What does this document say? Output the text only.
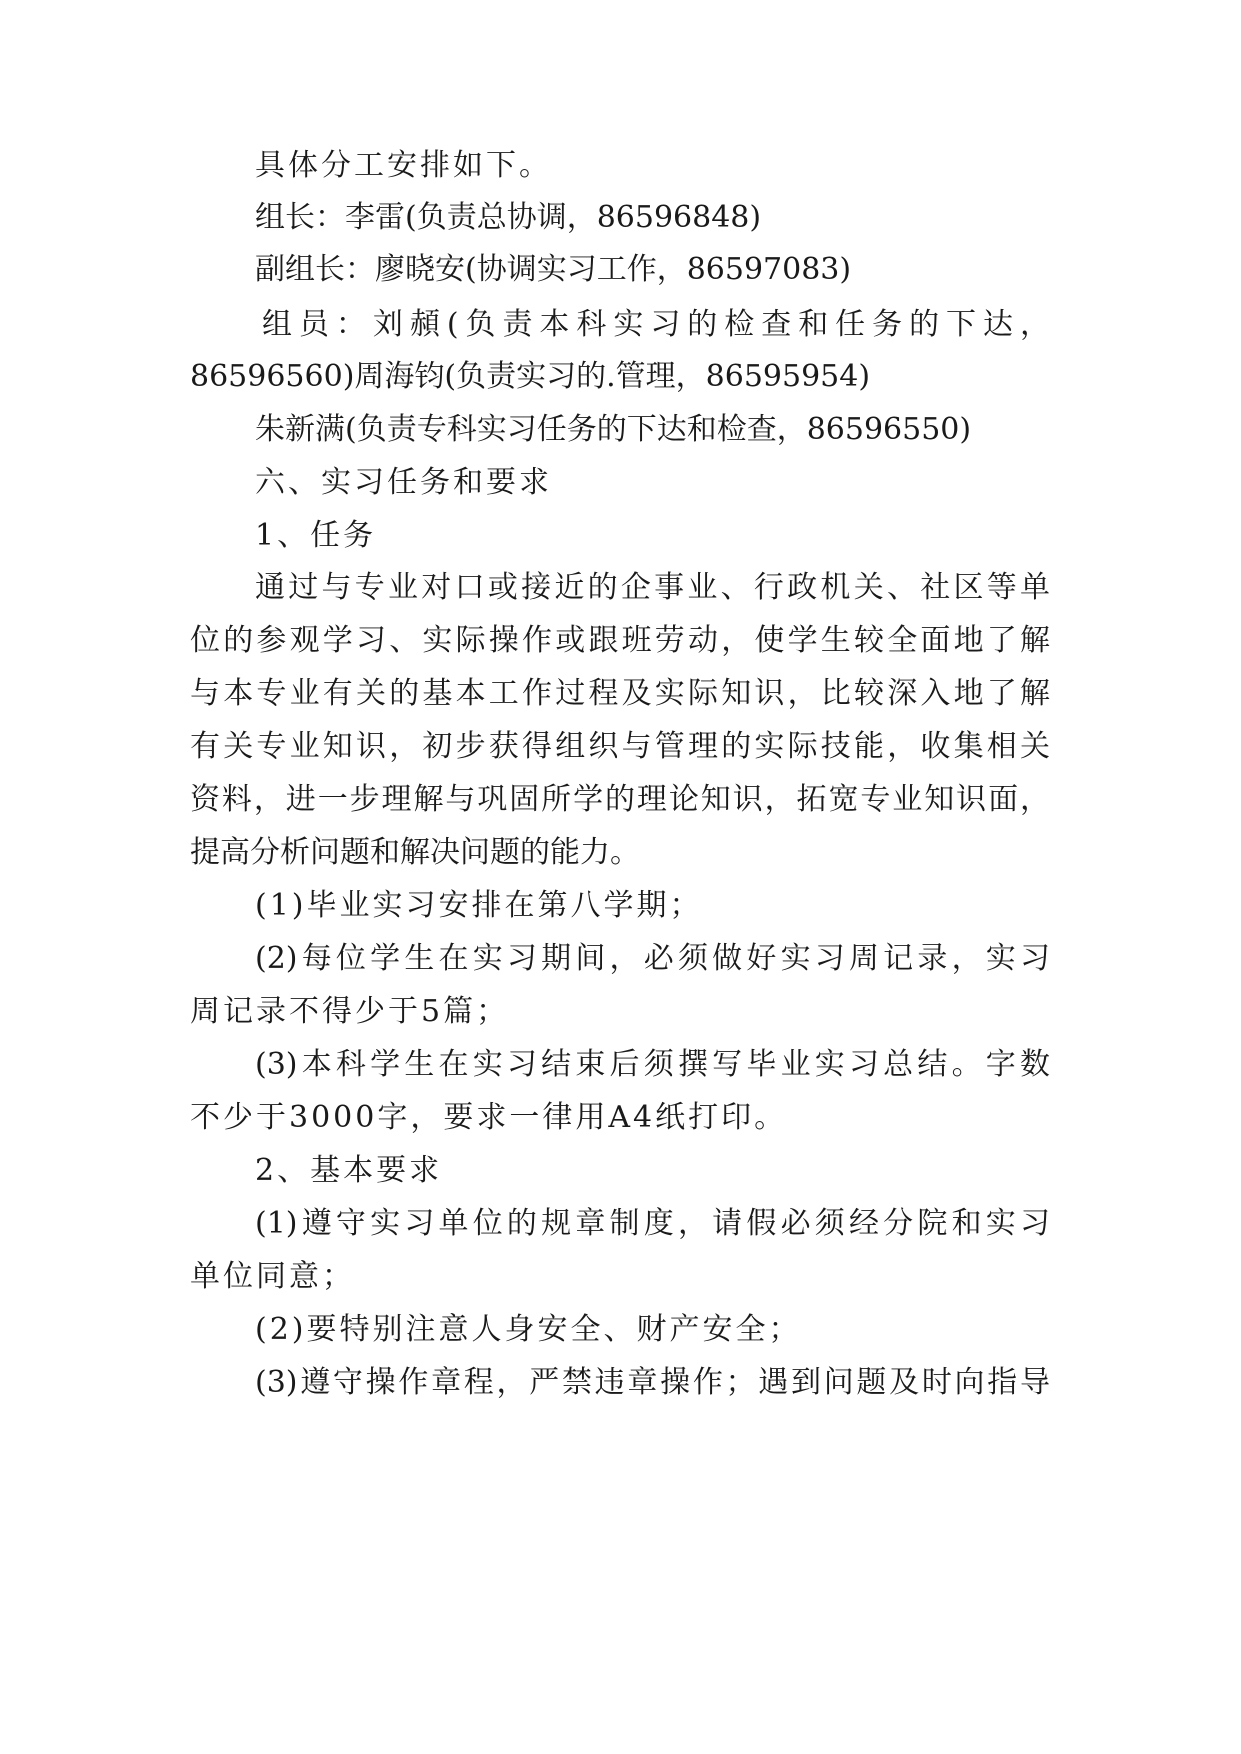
具体分工安排如下。
组长：李雷(负责总协调，86596848)
副组长：廖晓安(协调实习工作，86597083)
组员：刘頳(负责本科实习的检查和任务的下达，
86596560)周海钧(负责实习的.管理，86595954)
朱新满(负责专科实习任务的下达和检查，86596550)
六、实习任务和要求
1、任务
通过与专业对口或接近的企事业、行政机关、社区等单
位的参观学习、实际操作或跟班劳动，使学生较全面地了解
与本专业有关的基本工作过程及实际知识，比较深入地了解
有关专业知识，初步获得组织与管理的实际技能，收集相关
资料，进一步理解与巩固所学的理论知识，拓宽专业知识面，
提高分析问题和解决问题的能力。
(1)毕业实习安排在第八学期；
(2)每位学生在实习期间，必须做好实习周记录，实习
周记录不得少于5篇；
(3)本科学生在实习结束后须撰写毕业实习总结。字数
不少于3000字，要求一律用A4纸打印。
2、基本要求
(1)遵守实习单位的规章制度，请假必须经分院和实习
单位同意；
(2)要特别注意人身安全、财产安全；
(3)遵守操作章程，严禁违章操作；遇到问题及时向指导
